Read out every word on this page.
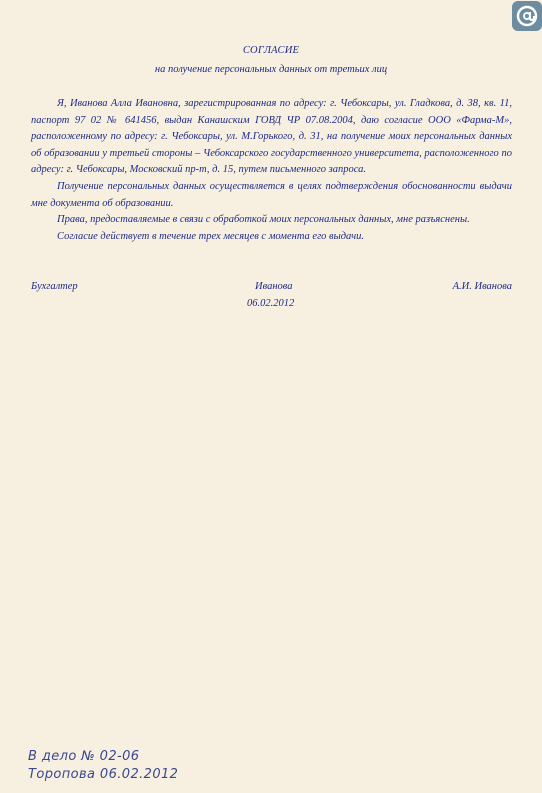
СОГЛАСИЕ
на получение персональных данных от третьих лиц

Я, Иванова Алла Ивановна, зарегистрированная по адресу: г. Чебоксары, ул. Гладкова, д. 38, кв. 11, паспорт 97 02 № 641456, выдан Канашским ГОВД ЧР 07.08.2004, даю согласие ООО «Фарма-М», расположенному по адресу: г. Чебоксары, ул. М.Горького, д. 31, на получение моих персональных данных об образовании у третьей стороны – Чебоксарского государственного университета, расположенного по адресу: г. Чебоксары, Московский пр-т, д. 15, путем письменного запроса.

Получение персональных данных осуществляется в целях подтверждения обоснованности выдачи мне документа об образовании.

Права, предоставляемые в связи с обработкой моих персональных данных, мне разъяснены.

Согласие действует в течение трех месяцев с момента его выдачи.

Бухгалтер	Иванова	А.И. Иванова
06.02.2012
В дело № 02-06
Торопова 06.02.2012
